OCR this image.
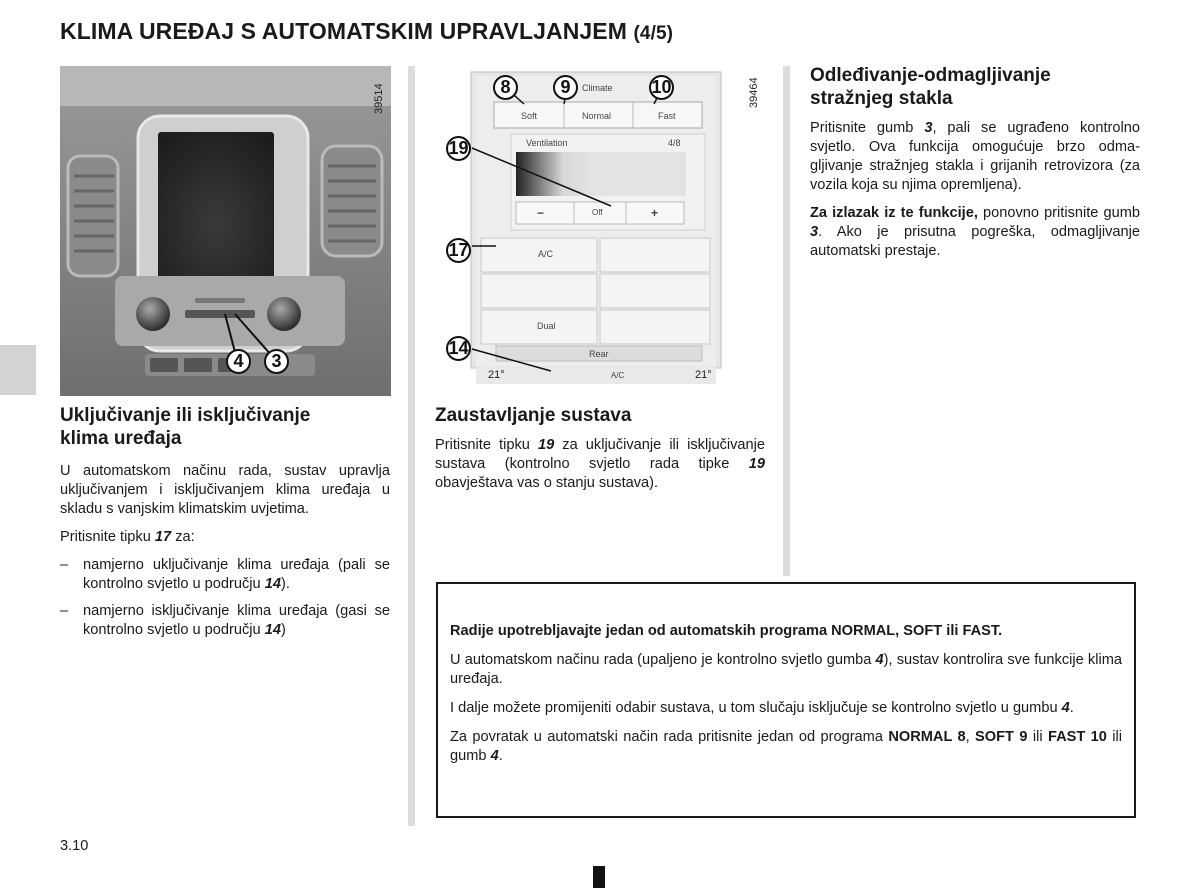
KLIMA UREĐAJ S AUTOMATSKIM UPRAVLJANJEM (4/5)
4	3
39514	8	9	10
19
17
14
Climate
Soft	Normal	Fast
Ventilation	4/8
−	Off	+
A/C
Dual
Rear
21°	A/C	21°
39464
Uključivanje ili isključivanje
klima uređaja

U automatskom načinu rada, sustav upravlja uključivanjem i isključivanjem klima uređaja u skladu s vanjskim klimatskim uvjetima.

Pritisnite tipku 17 za:

– namjerno uključivanje klima uređaja (pali se kontrolno svjetlo u području 14).
– namjerno isključivanje klima uređaja (gasi se kontrolno svjetlo u području 14)
Zaustavljanje sustava

Pritisnite tipku 19 za uključivanje ili isključivanje sustava (kontrolno svjetlo rada tipke 19 obavještava vas o stanju sustava).

Odleđivanje-odmagljivanje
stražnjeg stakla

Pritisnite gumb 3, pali se ugrađeno kontrolno svjetlo. Ova funkcija omogućuje brzo odmagljivanje stražnjeg stakla i grijanih retrovizora (za vozila koja su njima opremljena).

Za izlazak iz te funkcije, ponovno pritisnite gumb 3. Ako je prisutna pogreška, odmagljivanje automatski prestaje.

Radije upotrebljavajte jedan od automatskih programa NORMAL, SOFT ili FAST.

U automatskom načinu rada (upaljeno je kontrolno svjetlo gumba 4), sustav kontrolira sve funkcije klima uređaja.

I dalje možete promijeniti odabir sustava, u tom slučaju isključuje se kontrolno svjetlo u gumbu 4.

Za povratak u automatski način rada pritisnite jedan od programa NORMAL 8, SOFT 9 ili FAST 10 ili gumb 4.

3.10
